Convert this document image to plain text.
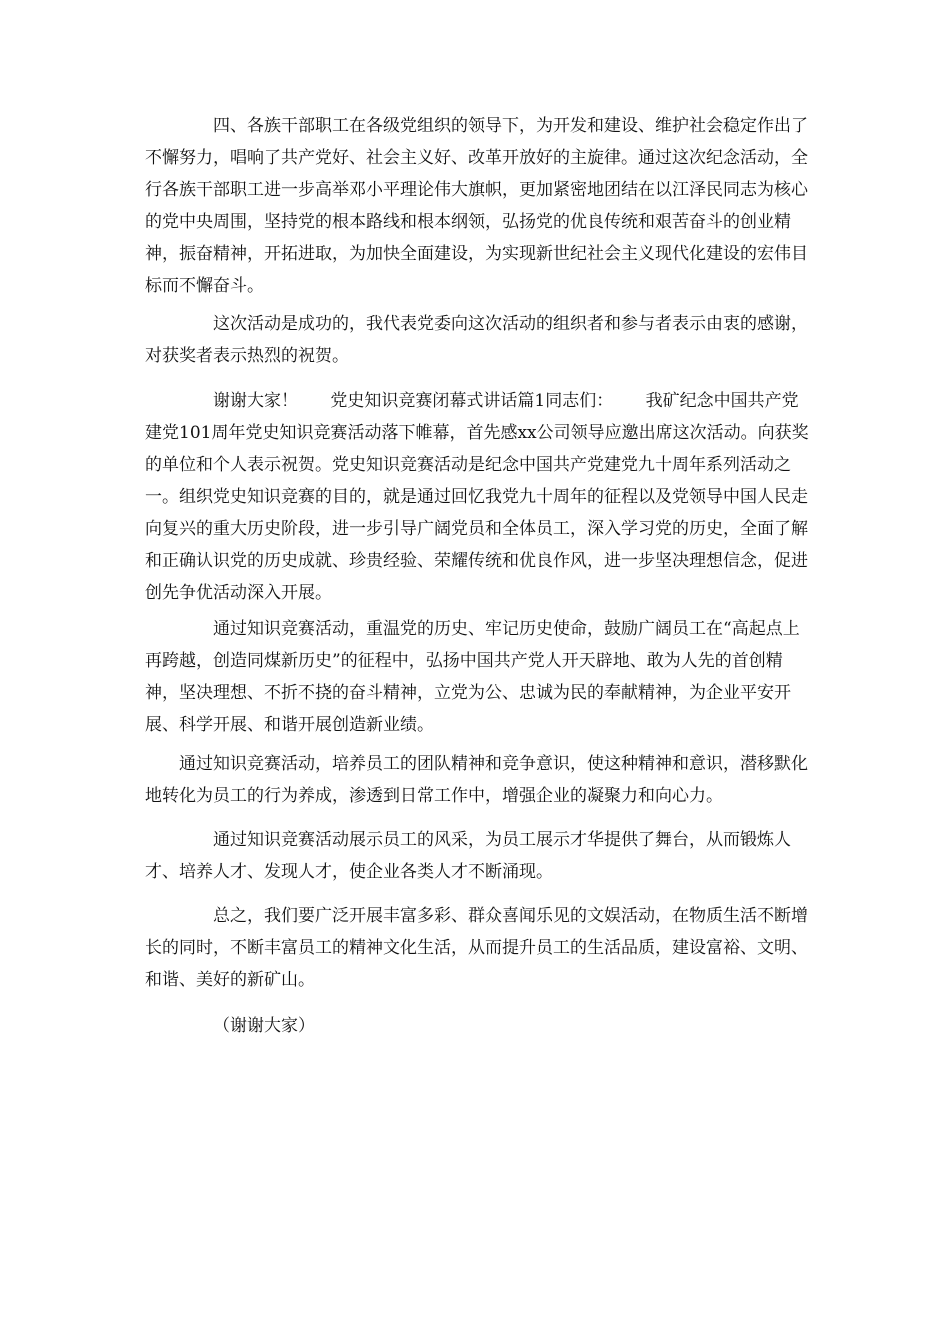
四、各族干部职工在各级党组织的领导下，为开发和建设、维护社会稳定作出了不懈努力，唱响了共产党好、社会主义好、改革开放好的主旋律。通过这次纪念活动，全行各族干部职工进一步高举邓小平理论伟大旗帜，更加紧密地团结在以江泽民同志为核心的党中央周围，坚持党的根本路线和根本纲领，弘扬党的优良传统和艰苦奋斗的创业精神，振奋精神，开拓进取，为加快全面建设，为实现新世纪社会主义现代化建设的宏伟目标而不懈奋斗。

这次活动是成功的，我代表党委向这次活动的组织者和参与者表示由衷的感谢，对获奖者表示热烈的祝贺。

谢谢大家！      党史知识竞赛闭幕式讲话篇1同志们：      我矿纪念中国共产党建党101周年党史知识竞赛活动落下帷幕，首先感xx公司领导应邀出席这次活动。向获奖的单位和个人表示祝贺。党史知识竞赛活动是纪念中国共产党建党九十周年系列活动之一。组织党史知识竞赛的目的，就是通过回忆我党九十周年的征程以及党领导中国人民走向复兴的重大历史阶段，进一步引导广阔党员和全体员工，深入学习党的历史，全面了解和正确认识党的历史成就、珍贵经验、荣耀传统和优良作风，进一步坚决理想信念，促进创先争优活动深入开展。

通过知识竞赛活动，重温党的历史、牢记历史使命，鼓励广阔员工在“高起点上再跨越，创造同煤新历史”的征程中，弘扬中国共产党人开天辟地、敢为人先的首创精神，坚决理想、不折不挠的奋斗精神，立党为公、忠诚为民的奉献精神，为企业平安开展、科学开展、和谐开展创造新业绩。

通过知识竞赛活动，培养员工的团队精神和竞争意识，使这种精神和意识，潜移默化地转化为员工的行为养成，渗透到日常工作中，增强企业的凝聚力和向心力。

通过知识竞赛活动展示员工的风采，为员工展示才华提供了舞台，从而锻炼人才、培养人才、发现人才，使企业各类人才不断涌现。

总之，我们要广泛开展丰富多彩、群众喜闻乐见的文娱活动，在物质生活不断增长的同时，不断丰富员工的精神文化生活，从而提升员工的生活品质，建设富裕、文明、和谐、美好的新矿山。

（谢谢大家）
